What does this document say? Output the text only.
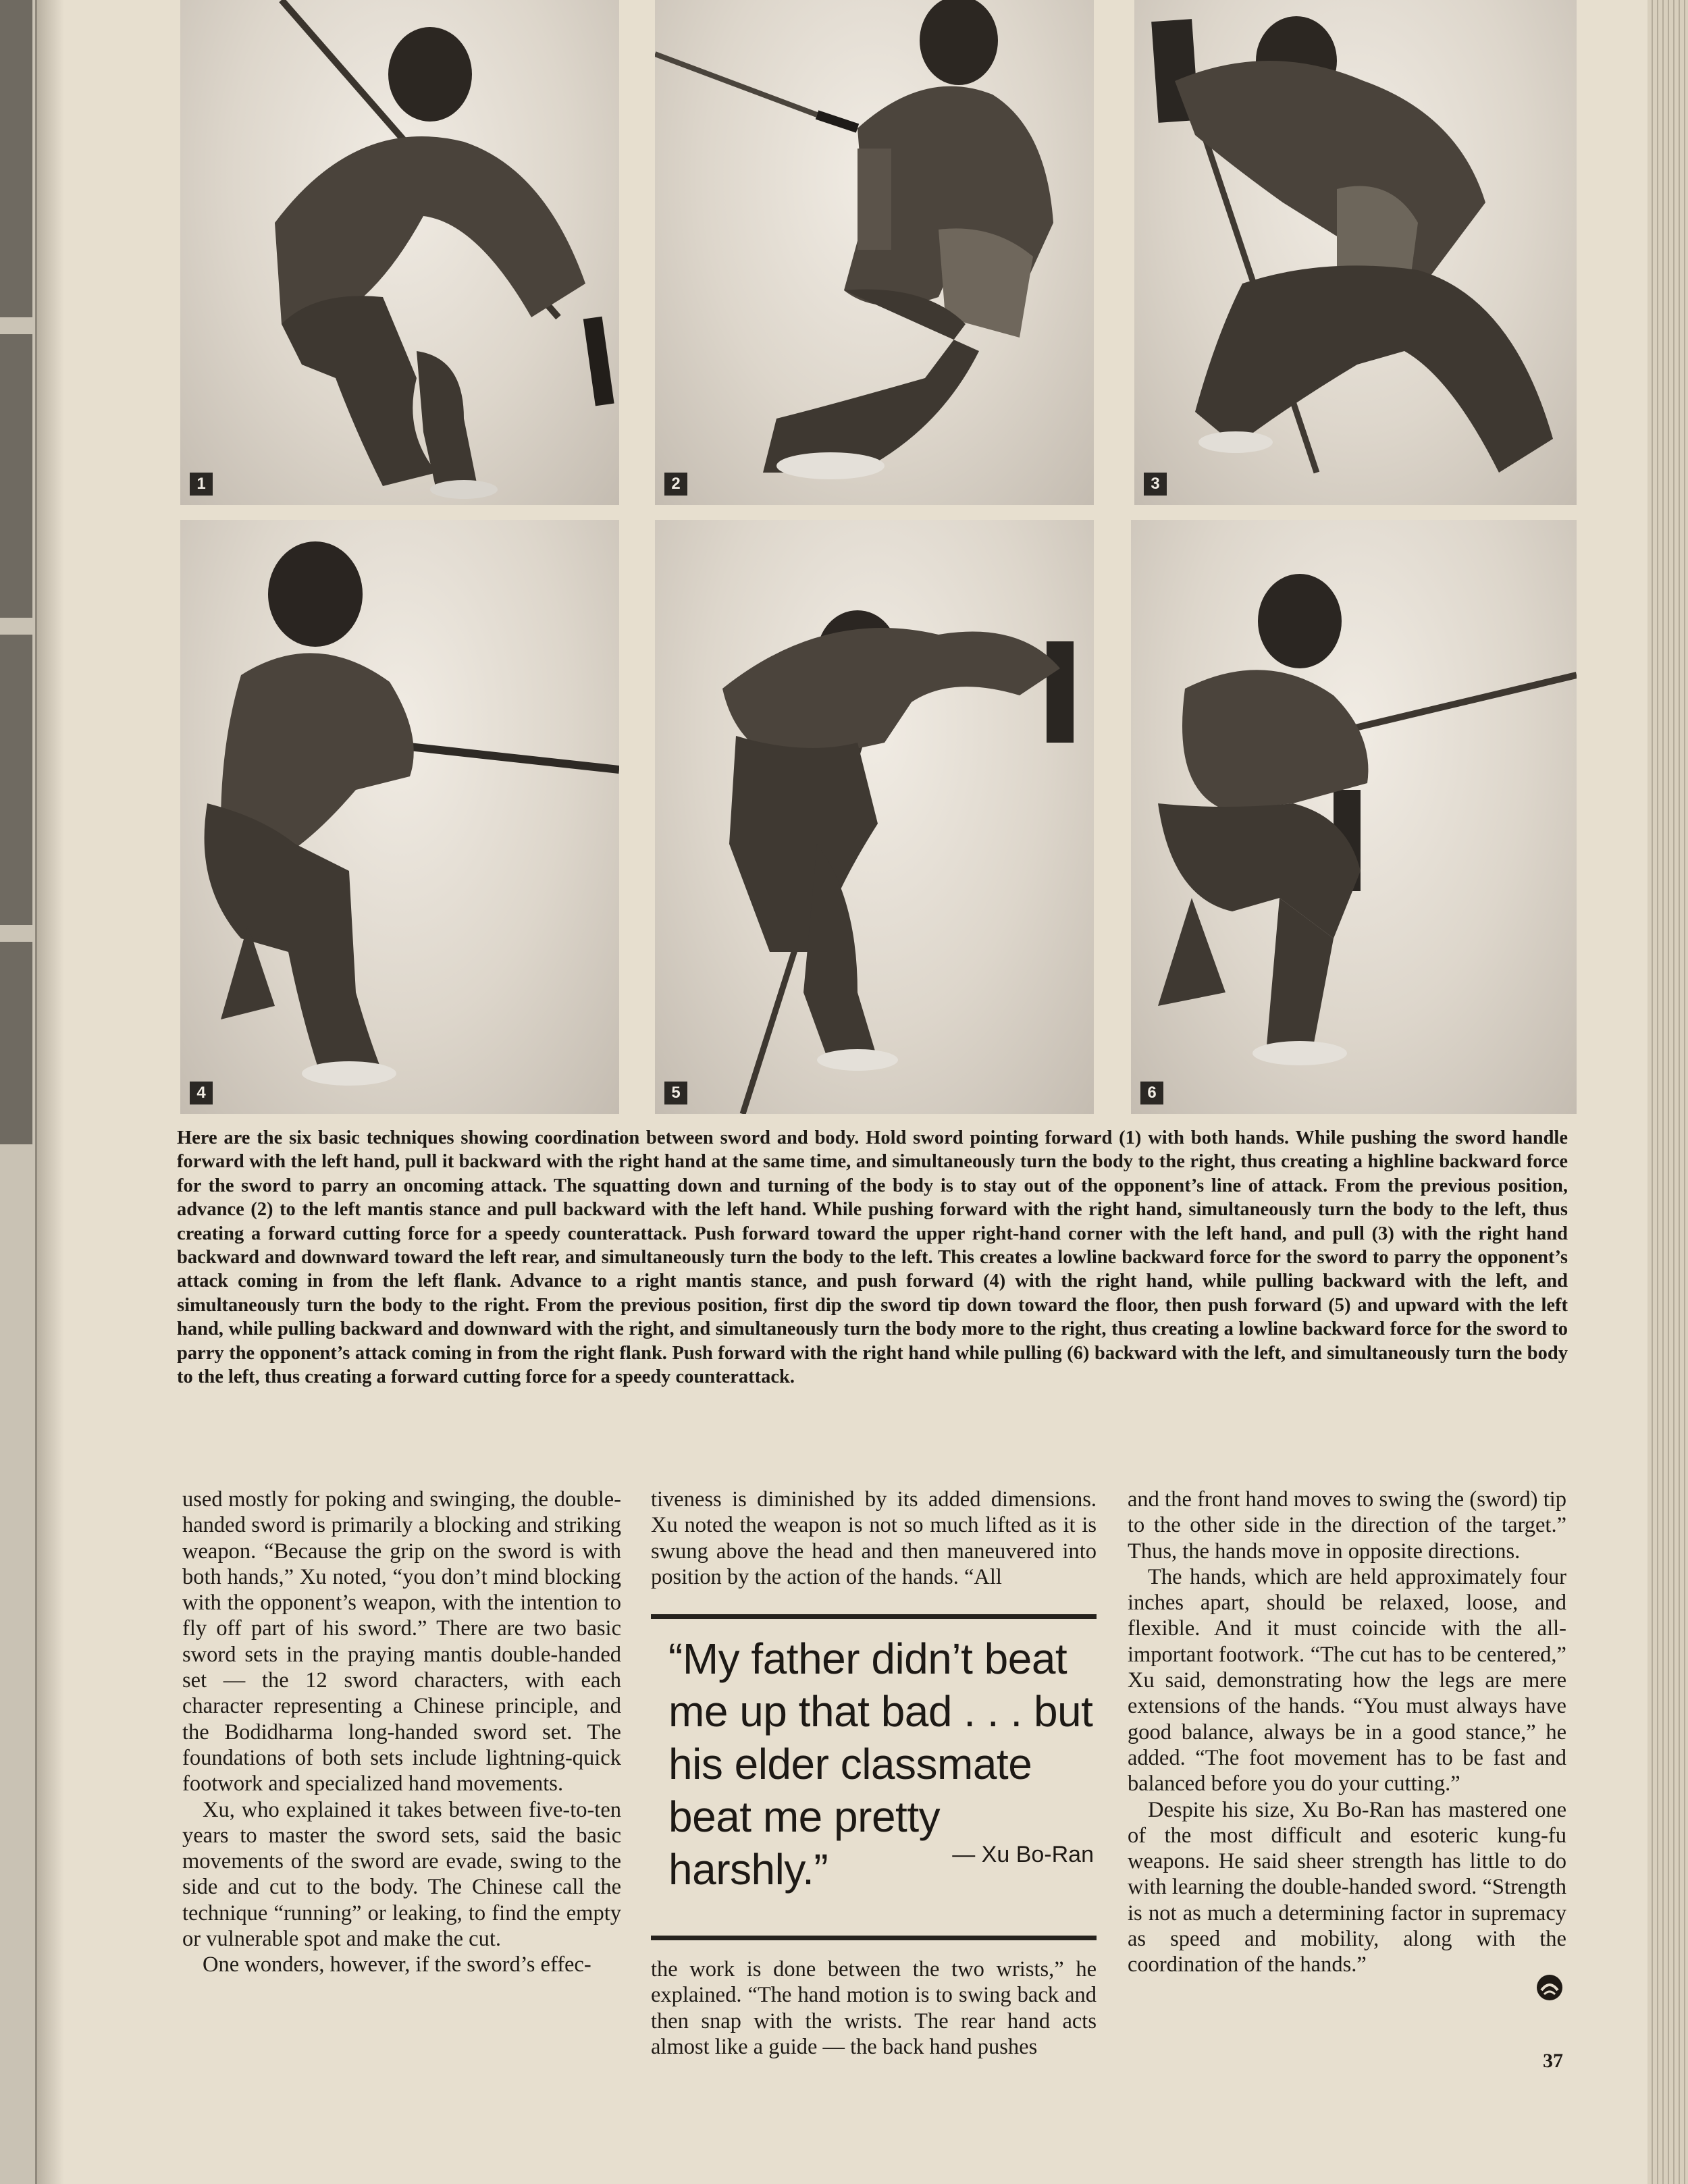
1	2	3
4	5	6

Here are the six basic techniques showing coordination between sword and body. Hold sword pointing forward (1) with both hands. While pushing the sword handle forward with the left hand, pull it backward with the right hand at the same time, and simultaneously turn the body to the right, thus creating a highline backward force for the sword to parry an oncoming attack. The squatting down and turning of the body is to stay out of the opponent’s line of attack. From the previous position, advance (2) to the left mantis stance and pull backward with the left hand. While pushing forward with the right hand, simultaneously turn the body to the left, thus creating a forward cutting force for a speedy counterattack. Push forward toward the upper right-hand corner with the left hand, and pull (3) with the right hand backward and downward toward the left rear, and simultaneously turn the body to the left. This creates a lowline backward force for the sword to parry the opponent’s attack coming in from the left flank. Advance to a right mantis stance, and push forward (4) with the right hand, while pulling backward with the left, and simultaneously turn the body to the right. From the previous position, first dip the sword tip down toward the floor, then push forward (5) and upward with the left hand, while pulling backward and downward with the right, and simultaneously turn the body more to the right, thus creating a lowline backward force for the sword to parry the opponent’s attack coming in from the right flank. Push forward with the right hand while pulling (6) backward with the left, and simultaneously turn the body to the left, thus creating a forward cutting force for a speedy counterattack.

used mostly for poking and swinging, the double-handed sword is primarily a blocking and striking weapon. “Because the grip on the sword is with both hands,” Xu noted, “you don’t mind blocking with the opponent’s weapon, with the intention to fly off part of his sword.” There are two basic sword sets in the praying mantis double-handed set — the 12 sword characters, with each character representing a Chinese principle, and the Bodidharma long-handed sword set. The foundations of both sets include lightning-quick footwork and specialized hand movements.

Xu, who explained it takes between five-to-ten years to master the sword sets, said the basic movements of the sword are evade, swing to the side and cut to the body. The Chinese call the technique “running” or leaking, to find the empty or vulnerable spot and make the cut.

One wonders, however, if the sword’s effec-

tiveness is diminished by its added dimensions. Xu noted the weapon is not so much lifted as it is swung above the head and then maneuvered into position by the action of the hands. “All

“My father didn’t beat me up that bad . . . but his elder classmate beat me pretty harshly.”	— Xu Bo-Ran

the work is done between the two wrists,” he explained. “The hand motion is to swing back and then snap with the wrists. The rear hand acts almost like a guide — the back hand pushes

and the front hand moves to swing the (sword) tip to the other side in the direction of the target.” Thus, the hands move in opposite directions.

The hands, which are held approximately four inches apart, should be relaxed, loose, and flexible. And it must coincide with the all-important footwork. “The cut has to be centered,” Xu said, demonstrating how the legs are mere extensions of the hands. “You must always have good balance, always be in a good stance,” he added. “The foot movement has to be fast and balanced before you do your cutting.”

Despite his size, Xu Bo-Ran has mastered one of the most difficult and esoteric kung-fu weapons. He said sheer strength has little to do with learning the double-handed sword. “Strength is not as much a determining factor in supremacy as speed and mobility, along with the coordination of the hands.”

37
